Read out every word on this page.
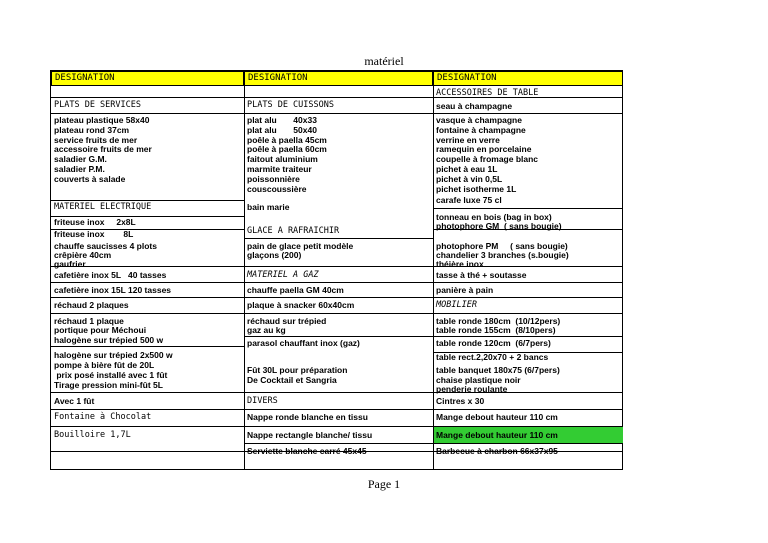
matériel
DESIGNATION	DESIGNATION	DESIGNATION
PLATS DE SERVICES
plateau plastique 58x40
plateau rond 37cm
service fruits de mer
accessoire fruits de mer
saladier G.M.
saladier P.M.
couverts à salade
MATERIEL ELECTRIQUE
friteuse inox     2x8L
friteuse inox        8L
chauffe saucisses 4 plots
crêpière 40cm
gaufrier
cafetière inox 5L   40 tasses
cafetière inox 15L 120 tasses
réchaud 2 plaques
réchaud 1 plaque
portique pour Méchoui
halogène sur trépied 500 w
halogène sur trépied 2x500 w
pompe à bière fût de 20L
prix posé installé avec 1 fût
Tirage pression mini-fût 5L
Avec 1 fût
Fontaine à Chocolat
Bouilloire 1,7L
PLATS DE CUISSONS
plat alu       40x33
plat alu       50x40
poêle à paella 45cm
poêle à paella 60cm
faitout aluminium
marmite traiteur
poissonnière
couscoussière
bain marie
GLACE A RAFRAICHIR
pain de glace petit modèle
glaçons (200)
MATERIEL A GAZ
chauffe paella GM 40cm
plaque à snacker 60x40cm
réchaud sur trépied
gaz au kg
parasol chauffant inox (gaz)
Fût 30L pour préparation
De Cocktail et Sangria
DIVERS
Nappe ronde blanche en tissu
Nappe rectangle blanche/ tissu
Serviette blanche carré 45x45
ACCESSOIRES DE TABLE
seau à champagne
vasque à champagne
fontaine à champagne
verrine en verre
ramequin en porcelaine
coupelle à fromage blanc
pichet à eau 1L
pichet à vin 0,5L
pichet isotherme 1L
carafe luxe 75 cl
tonneau en bois (bag in box)
photophore GM  ( sans bougie)
photophore PM     ( sans bougie)
chandelier 3 branches (s.bougie)
théière inox
tasse à thé + soutasse
panière à pain
MOBILIER
table ronde 180cm  (10/12pers)
table ronde 155cm  (8/10pers)
table ronde 120cm  (6/7pers)
table rect.2,20x70 + 2 bancs
table banquet 180x75 (6/7pers)
chaise plastique noir
penderie roulante
Cintres x 30
Mange debout hauteur 110 cm
Mange debout hauteur 110 cm
Barbecue à charbon 66x37x95
Page 1
